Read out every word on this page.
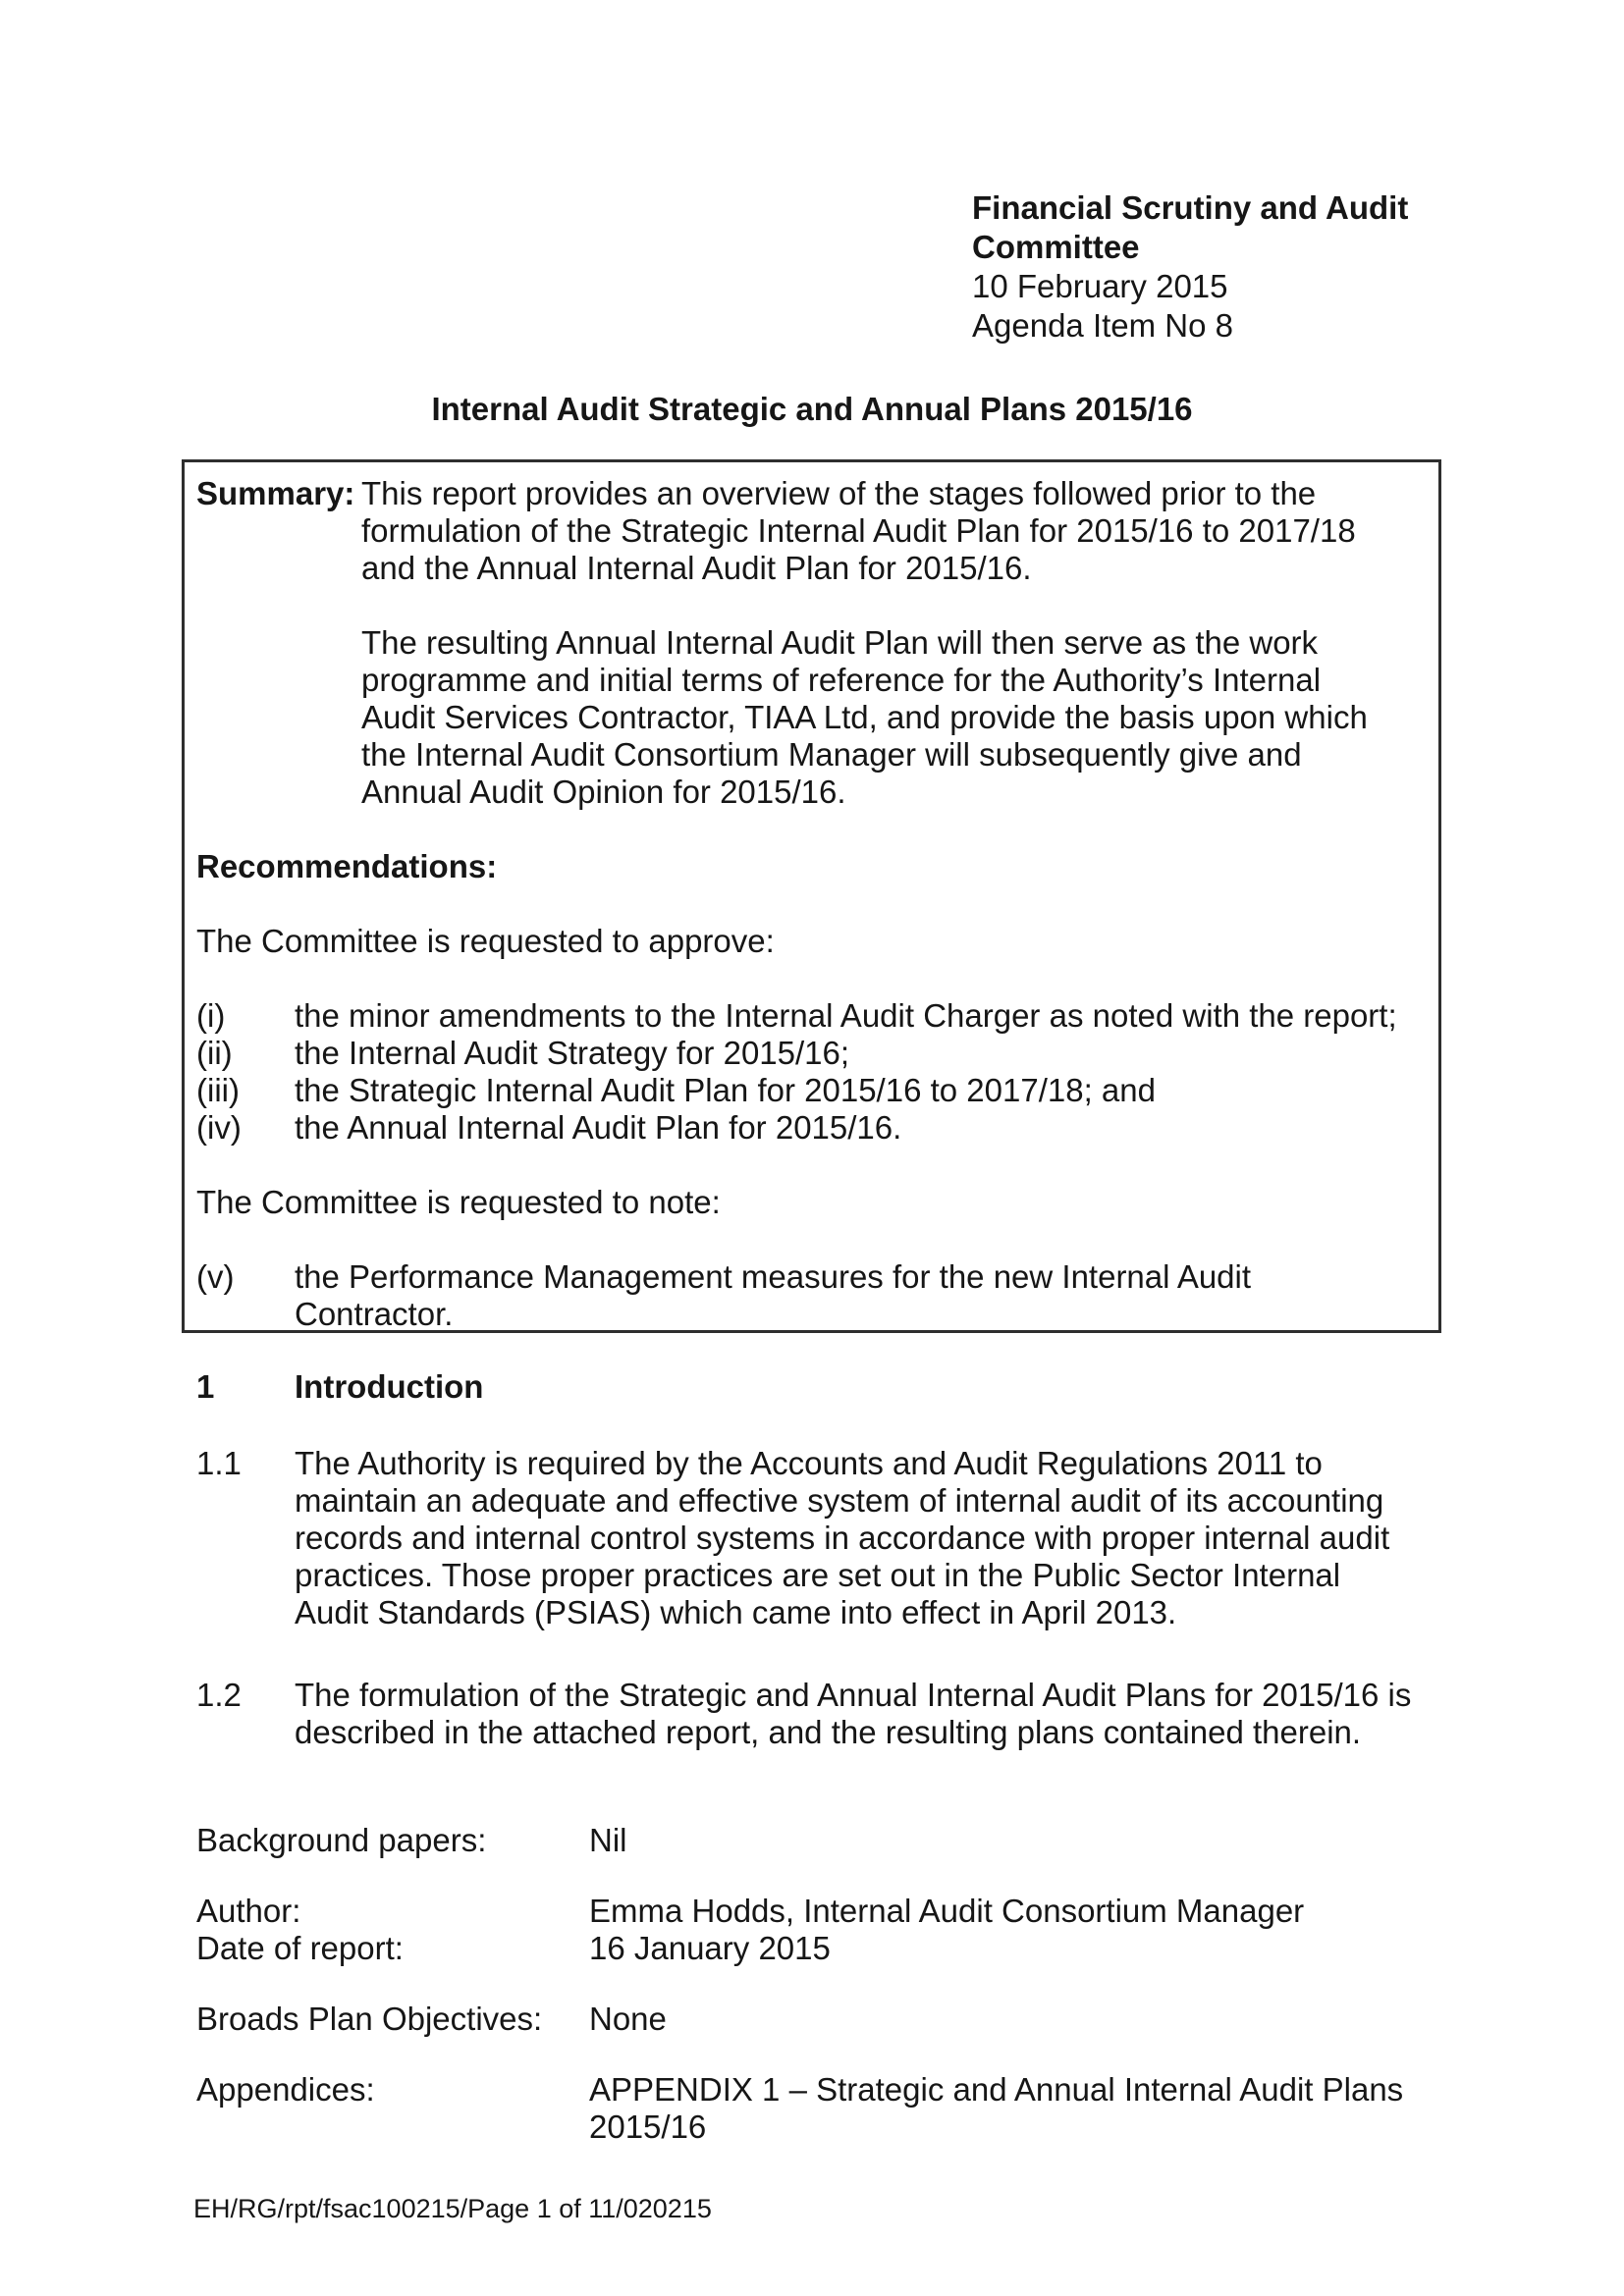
Financial Scrutiny and Audit
Committee
10 February 2015
Agenda Item No 8
Internal Audit Strategic and Annual Plans 2015/16
Summary: This report provides an overview of the stages followed prior to the
formulation of the Strategic Internal Audit Plan for 2015/16 to 2017/18
and the Annual Internal Audit Plan for 2015/16.
The resulting Annual Internal Audit Plan will then serve as the work
programme and initial terms of reference for the Authority’s Internal
Audit Services Contractor, TIAA Ltd, and provide the basis upon which
the Internal Audit Consortium Manager will subsequently give and
Annual Audit Opinion for 2015/16.
Recommendations:
The Committee is requested to approve:
(i)	the minor amendments to the Internal Audit Charger as noted with the report;
(ii)	the Internal Audit Strategy for 2015/16;
(iii)	the Strategic Internal Audit Plan for 2015/16 to 2017/18; and
(iv)	the Annual Internal Audit Plan for 2015/16.
The Committee is requested to note:
(v)	the Performance Management measures for the new Internal Audit
Contractor.
1	Introduction
1.1	The Authority is required by the Accounts and Audit Regulations 2011 to
maintain an adequate and effective system of internal audit of its accounting
records and internal control systems in accordance with proper internal audit
practices. Those proper practices are set out in the Public Sector Internal
Audit Standards (PSIAS) which came into effect in April 2013.
1.2	The formulation of the Strategic and Annual Internal Audit Plans for 2015/16 is
described in the attached report, and the resulting plans contained therein.
Background papers:	Nil
Author:	Emma Hodds, Internal Audit Consortium Manager
Date of report:	16 January 2015
Broads Plan Objectives:	None
Appendices:	APPENDIX 1 – Strategic and Annual Internal Audit Plans
2015/16
EH/RG/rpt/fsac100215/Page 1 of 11/020215
